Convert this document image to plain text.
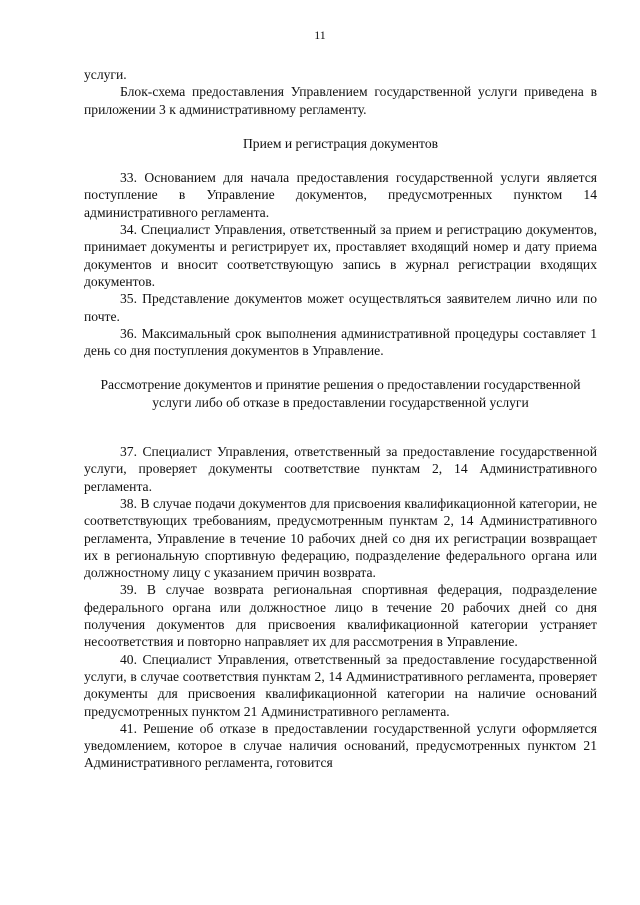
11

услуги.

Блок-схема предоставления Управлением государственной услуги приведена в приложении 3 к административному регламенту.

Прием и регистрация документов

33. Основанием для начала предоставления государственной услуги является поступление в Управление документов, предусмотренных пунктом 14 административного регламента.

34. Специалист Управления, ответственный за прием и регистрацию документов, принимает документы и регистрирует их, проставляет входящий номер и дату приема документов и вносит соответствующую запись в журнал регистрации входящих документов.

35. Представление документов может осуществляться заявителем лично или по почте.

36. Максимальный срок выполнения административной процедуры составляет 1 день со дня поступления документов в Управление.

Рассмотрение документов и принятие решения о предоставлении государственной услуги либо об отказе в предоставлении государственной услуги

37. Специалист Управления, ответственный за предоставление государственной услуги, проверяет документы соответствие пунктам 2, 14 Административного регламента.

38. В случае подачи документов для присвоения квалификационной категории, не соответствующих требованиям, предусмотренным пунктам 2, 14 Административного регламента, Управление в течение 10 рабочих дней со дня их регистрации возвращает их в региональную спортивную федерацию, подразделение федерального органа или должностному лицу с указанием причин возврата.

39. В случае возврата региональная спортивная федерация, подразделение федерального органа или должностное лицо в течение 20 рабочих дней со дня получения документов для присвоения квалификационной категории устраняет несоответствия и повторно направляет их для рассмотрения в Управление.

40. Специалист Управления, ответственный за предоставление государственной услуги, в случае соответствия пунктам 2, 14 Административного регламента, проверяет документы для присвоения квалификационной категории на наличие оснований предусмотренных пунктом 21 Административного регламента.

41. Решение об отказе в предоставлении государственной услуги оформляется уведомлением, которое в случае наличия оснований, предусмотренных пунктом 21 Административного регламента, готовится
